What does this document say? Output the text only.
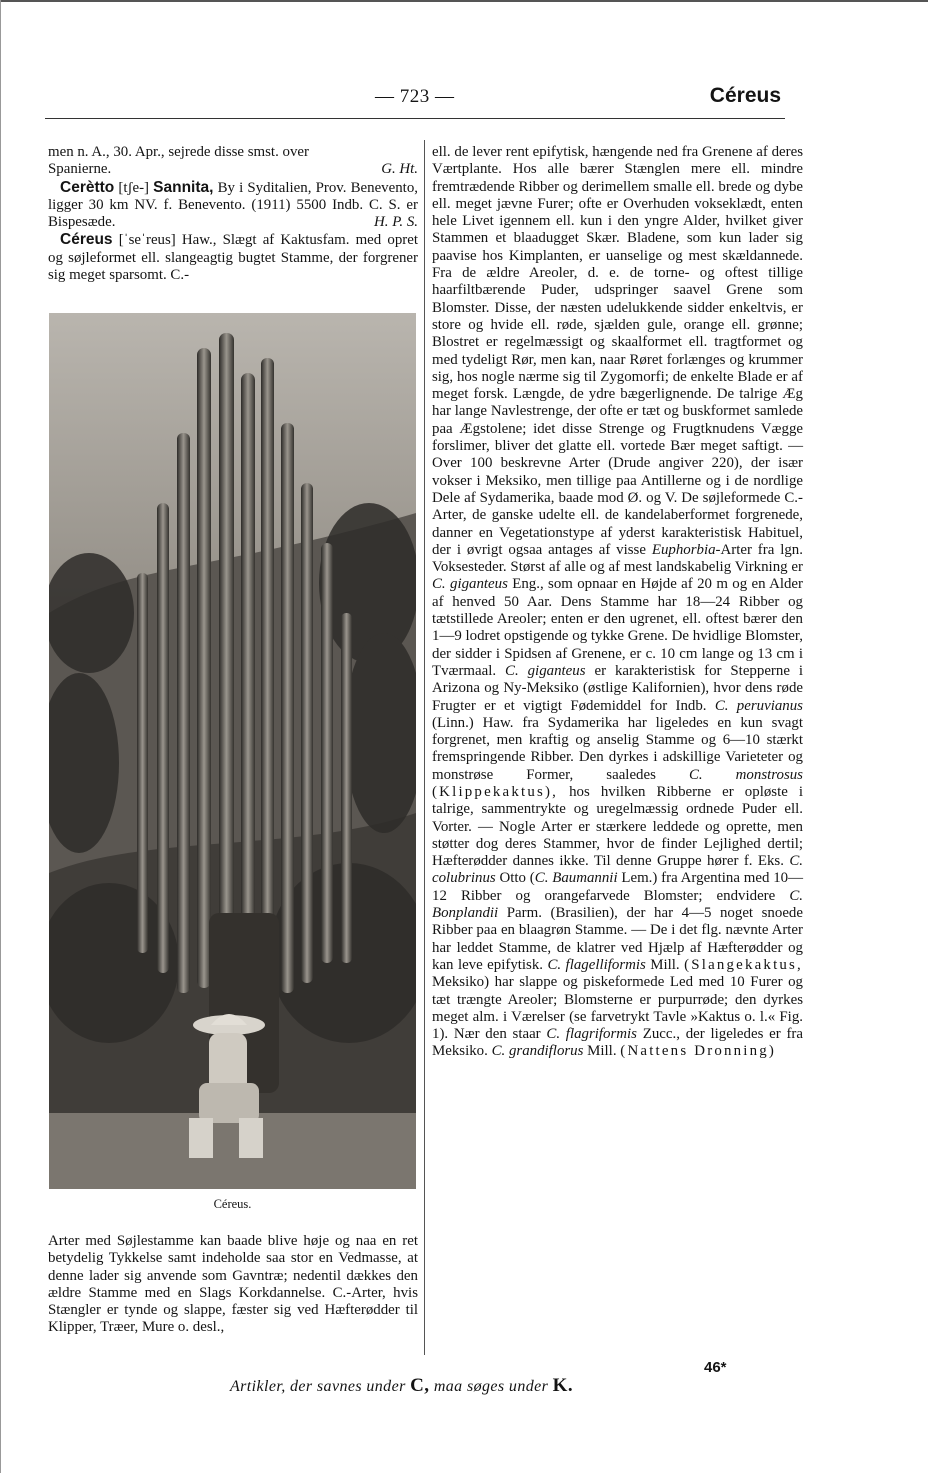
— 723 —	Céreus

men n. A., 30. Apr., sejrede disse smst. over
Spanierne.	G. Ht.

Cerètto [tʃe-] Sannita, By i Syditalien, Prov. Benevento, ligger 30 km NV. f. Benevento. (1911) 5500 Indb. C. S. er Bispesæde.	H. P. S.

Céreus [ˈseˈreus] Haw., Slægt af Kaktusfam. med opret og søjleformet ell. slangeagtig bugtet Stamme, der forgrener sig meget sparsomt. C.-

Céreus.

Arter med Søjlestamme kan baade blive høje og naa en ret betydelig Tykkelse samt indeholde saa stor en Vedmasse, at denne lader sig anvende som Gavntræ; nedentil dækkes den ældre Stamme med en Slags Korkdannelse. C.-Arter, hvis Stængler er tynde og slappe, fæster sig ved Hæfterødder til Klipper, Træer, Mure o. desl.,

ell. de lever rent epifytisk, hængende ned fra Grenene af deres Værtplante. Hos alle bærer Stænglen mere ell. mindre fremtrædende Ribber og derimellem smalle ell. brede og dybe ell. meget jævne Furer; ofte er Overhuden vokseklædt, enten hele Livet igennem ell. kun i den yngre Alder, hvilket giver Stammen et blaadugget Skær. Bladene, som kun lader sig paavise hos Kimplanten, er uanselige og mest skældannede. Fra de ældre Areoler, d. e. de torne- og oftest tillige haarfiltbærende Puder, udspringer saavel Grene som Blomster. Disse, der næsten udelukkende sidder enkeltvis, er store og hvide ell. røde, sjælden gule, orange ell. grønne; Blostret er regelmæssigt og skaalformet ell. tragtformet og med tydeligt Rør, men kan, naar Røret forlænges og krummer sig, hos nogle nærme sig til Zygomorfi; de enkelte Blade er af meget forsk. Længde, de ydre bægerlignende. De talrige Æg har lange Navlestrenge, der ofte er tæt og buskformet samlede paa Ægstolene; idet disse Strenge og Frugtknudens Vægge forslimer, bliver det glatte ell. vortede Bær meget saftigt. — Over 100 beskrevne Arter (Drude angiver 220), der især vokser i Meksiko, men tillige paa Antillerne og i de nordlige Dele af Sydamerika, baade mod Ø. og V. De søjleformede C.-Arter, de ganske udelte ell. de kandelaberformet forgrenede, danner en Vegetationstype af yderst karakteristisk Habituel, der i øvrigt ogsaa antages af visse Euphorbia-Arter fra lgn. Voksesteder. Størst af alle og af mest landskabelig Virkning er C. giganteus Eng., som opnaar en Højde af 20 m og en Alder af henved 50 Aar. Dens Stamme har 18—24 Ribber og tætstillede Areoler; enten er den ugrenet, ell. oftest bærer den 1—9 lodret opstigende og tykke Grene. De hvidlige Blomster, der sidder i Spidsen af Grenene, er c. 10 cm lange og 13 cm i Tværmaal. C. giganteus er karakteristisk for Stepperne i Arizona og Ny-Meksiko (østlige Kalifornien), hvor dens røde Frugter er et vigtigt Fødemiddel for Indb. C. peruvianus (Linn.) Haw. fra Sydamerika har ligeledes en kun svagt forgrenet, men kraftig og anselig Stamme og 6—10 stærkt fremspringende Ribber. Den dyrkes i adskillige Varieteter og monstrøse Former, saaledes C. monstrosus (Klippekaktus), hos hvilken Ribberne er opløste i talrige, sammentrykte og uregelmæssig ordnede Puder ell. Vorter. — Nogle Arter er stærkere leddede og oprette, men støtter dog deres Stammer, hvor de finder Lejlighed dertil; Hæfterødder dannes ikke. Til denne Gruppe hører f. Eks. C. colubrinus Otto (C. Baumannii Lem.) fra Argentina med 10—12 Ribber og orangefarvede Blomster; endvidere C. Bonplandii Parm. (Brasilien), der har 4—5 noget snoede Ribber paa en blaagrøn Stamme. — De i det flg. nævnte Arter har leddet Stamme, de klatrer ved Hjælp af Hæfterødder og kan leve epifytisk. C. flagelliformis Mill. (Slangekaktus, Meksiko) har slappe og piskeformede Led med 10 Furer og tæt trængte Areoler; Blomsterne er purpurrøde; den dyrkes meget alm. i Værelser (se farvetrykt Tavle »Kaktus o. l.« Fig. 1). Nær den staar C. flagriformis Zucc., der ligeledes er fra Meksiko. C. grandiflorus Mill. (Nattens Dronning)

46*
Artikler, der savnes under C, maa søges under K.
